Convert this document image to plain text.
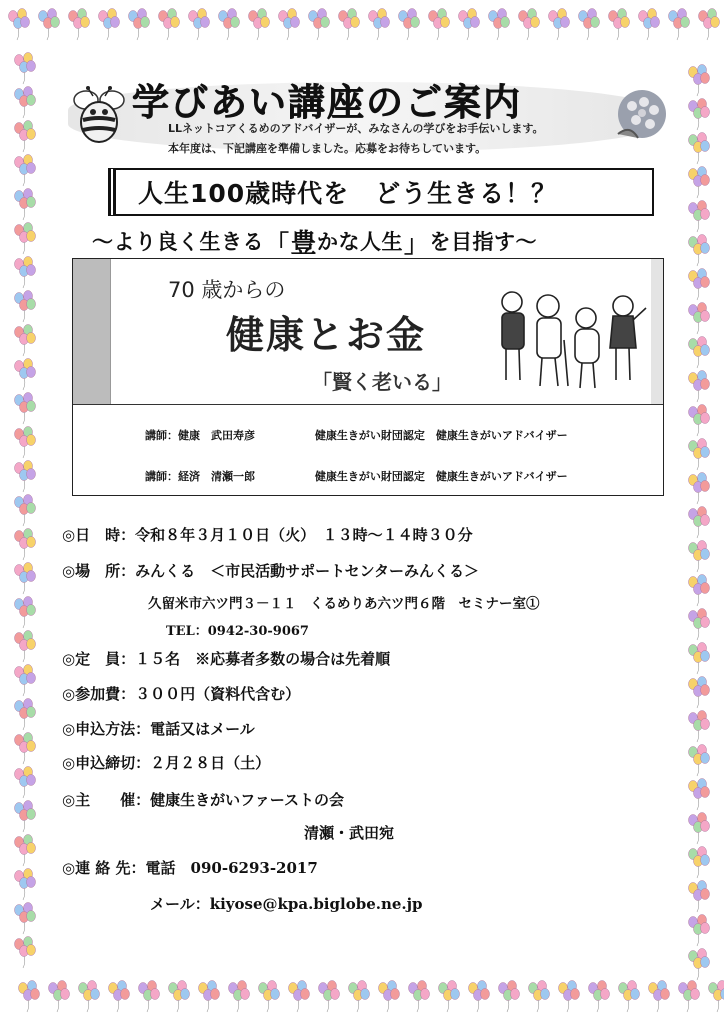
学びあい講座のご案内
LLネットコアくるめのアドバイザーが、みなさんの学びをお手伝いします。
本年度は、下記講座を準備しました。応募をお待ちしています。
人生100歳時代を　どう生きる！？
～より良く生きる 「 豊 かな人生 」 を目指す～
70 歳からの
健康とお金
「賢く老いる」
講師：健康　武田寿彦	健康生きがい財団認定　健康生きがいアドバイザー
講師：経済　清瀬一郎	健康生きがい財団認定　健康生きがいアドバイザー
◎日　時：令和８年３月１０日（火）　１３時～１４時３０分
◎場　所：みんくる　＜市民活動サポートセンターみんくる＞
久留米市六ツ門３－１１　くるめりあ六ツ門６階　セミナー室①
TEL：0942-30-9067
◎定　員：１５名　※応募者多数の場合は先着順
◎参加費：３００円（資料代含む）
◎申込方法：電話又はメール
◎申込締切：２月２８日（土）
◎主　　催：健康生きがいファーストの会
清瀬・武田宛
◎連 絡 先：電話　090-6293-2017
メール：kiyose@kpa.biglobe.ne.jp
